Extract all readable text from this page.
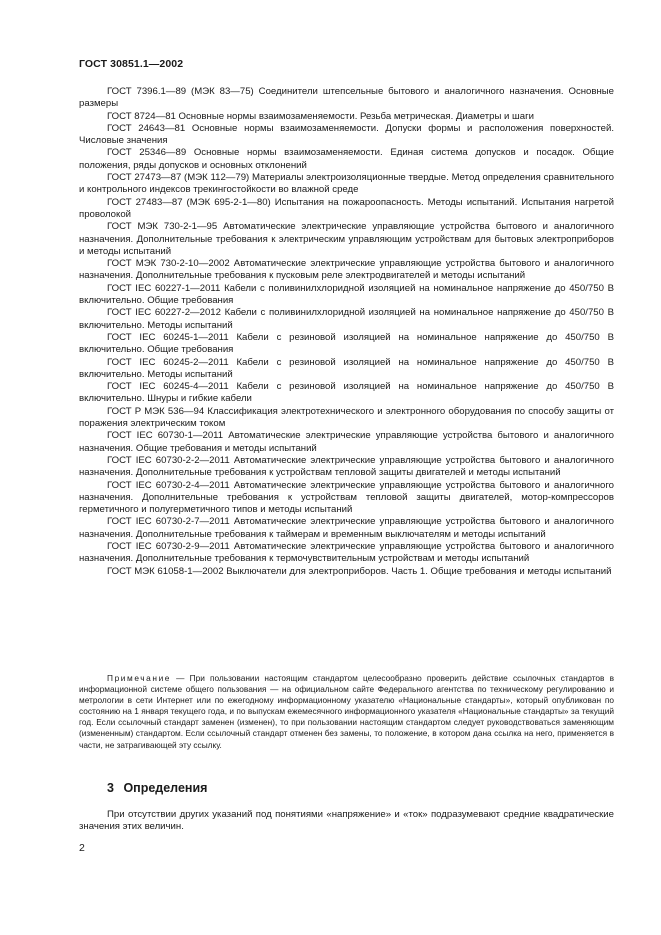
ГОСТ 30851.1—2002

ГОСТ 7396.1—89 (МЭК 83—75) Соединители штепсельные бытового и аналогичного назначения. Основные размеры

ГОСТ 8724—81 Основные нормы взаимозаменяемости. Резьба метрическая. Диаметры и шаги

ГОСТ 24643—81 Основные нормы взаимозаменяемости. Допуски формы и расположения поверхностей. Числовые значения

ГОСТ 25346—89 Основные нормы взаимозаменяемости. Единая система допусков и посадок. Общие положения, ряды допусков и основных отклонений

ГОСТ 27473—87 (МЭК 112—79) Материалы электроизоляционные твердые. Метод определения сравнительного и контрольного индексов трекингостойкости во влажной среде

ГОСТ 27483—87 (МЭК 695-2-1—80) Испытания на пожароопасность. Методы испытаний. Испытания нагретой проволокой

ГОСТ МЭК 730-2-1—95 Автоматические электрические управляющие устройства бытового и аналогичного назначения. Дополнительные требования к электрическим управляющим устройствам для бытовых электроприборов и методы испытаний

ГОСТ МЭК 730-2-10—2002 Автоматические электрические управляющие устройства бытового и аналогичного назначения. Дополнительные требования к пусковым реле электродвигателей и методы испытаний

ГОСТ IEC 60227-1—2011 Кабели с поливинилхлоридной изоляцией на номинальное напряжение до 450/750 В включительно. Общие требования

ГОСТ IEC 60227-2—2012 Кабели с поливинилхлоридной изоляцией на номинальное напряжение до 450/750 В включительно. Методы испытаний

ГОСТ IEC 60245-1—2011 Кабели с резиновой изоляцией на номинальное напряжение до 450/750 В включительно. Общие требования

ГОСТ IEC 60245-2—2011 Кабели с резиновой изоляцией на номинальное напряжение до 450/750 В включительно. Методы испытаний

ГОСТ IEC 60245-4—2011 Кабели с резиновой изоляцией на номинальное напряжение до 450/750 В включительно. Шнуры и гибкие кабели

ГОСТ Р МЭК 536—94 Классификация электротехнического и электронного оборудования по способу защиты от поражения электрическим током

ГОСТ IEC 60730-1—2011 Автоматические электрические управляющие устройства бытового и аналогичного назначения. Общие требования и методы испытаний

ГОСТ IEC 60730-2-2—2011 Автоматические электрические управляющие устройства бытового и аналогичного назначения. Дополнительные требования к устройствам тепловой защиты двигателей и методы испытаний

ГОСТ IEC 60730-2-4—2011 Автоматические электрические управляющие устройства бытового и аналогичного назначения. Дополнительные требования к устройствам тепловой защиты двигателей, мотор-компрессоров герметичного и полугерметичного типов и методы испытаний

ГОСТ IEC 60730-2-7—2011 Автоматические электрические управляющие устройства бытового и аналогичного назначения. Дополнительные требования к таймерам и временным выключателям и методы испытаний

ГОСТ IEC 60730-2-9—2011 Автоматические электрические управляющие устройства бытового и аналогичного назначения. Дополнительные требования к термочувствительным устройствам и методы испытаний

ГОСТ МЭК 61058-1—2002 Выключатели для электроприборов. Часть 1. Общие требования и методы испытаний

Примечание — При пользовании настоящим стандартом целесообразно проверить действие ссылочных стандартов в информационной системе общего пользования — на официальном сайте Федерального агентства по техническому регулированию и метрологии в сети Интернет или по ежегодному информационному указателю «Национальные стандарты», который опубликован по состоянию на 1 января текущего года, и по выпускам ежемесячного информационного указателя «Национальные стандарты» за текущий год. Если ссылочный стандарт заменен (изменен), то при пользовании настоящим стандартом следует руководствоваться заменяющим (измененным) стандартом. Если ссылочный стандарт отменен без замены, то положение, в котором дана ссылка на него, применяется в части, не затрагивающей эту ссылку.
3 Определения
При отсутствии других указаний под понятиями «напряжение» и «ток» подразумевают средние квадратические значения этих величин.
2
